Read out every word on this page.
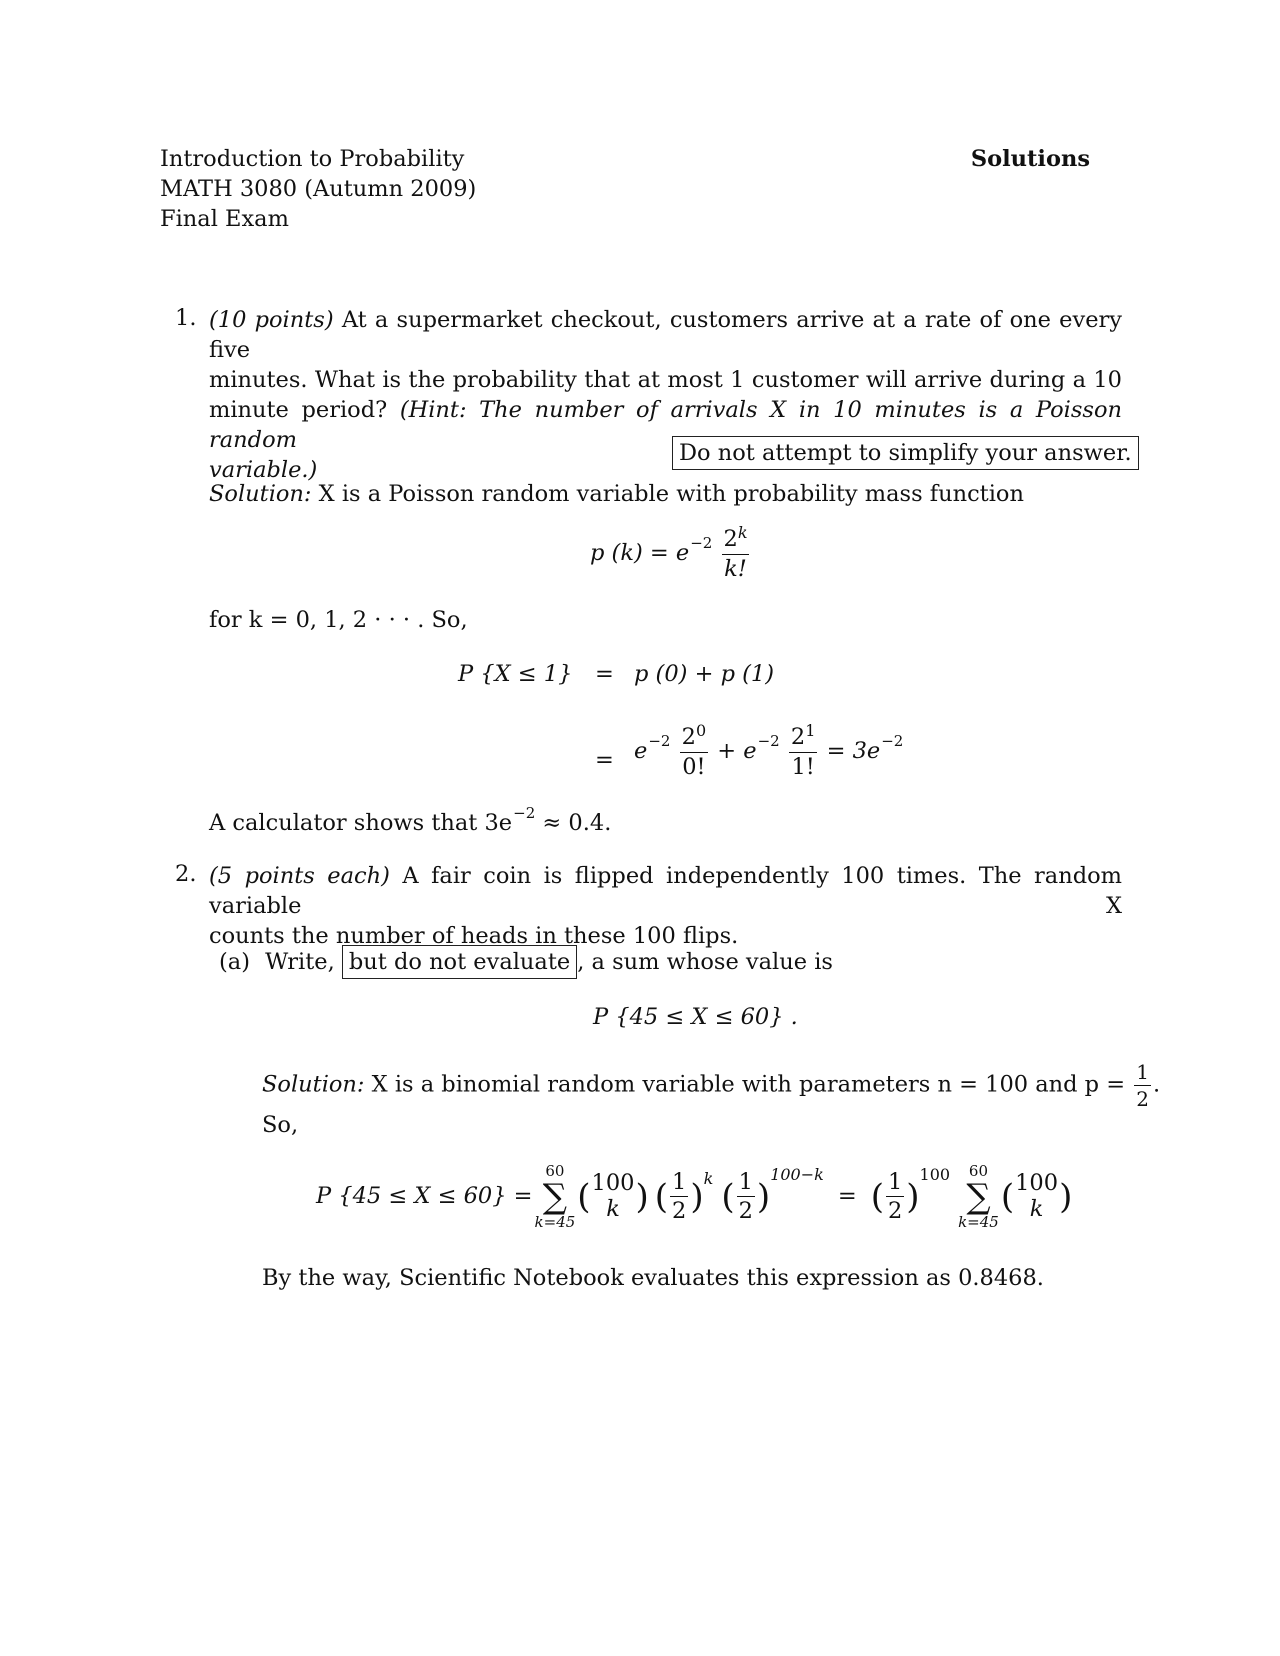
Introduction to Probability
MATH 3080 (Autumn 2009)
Final Exam
Solutions
1. (10 points) At a supermarket checkout, customers arrive at a rate of one every five
minutes. What is the probability that at most 1 customer will arrive during a 10
minute period? (Hint: The number of arrivals X in 10 minutes is a Poisson random
variable.)
Do not attempt to simplify your answer.
Solution: X is a Poisson random variable with probability mass function
p $(k) = e^{-2} \frac{2^k}{k!}$
for k = 0, 1, 2 · · · . So,
P {X ≤ 1} = p (0) + p (1)
= $e^{-2} \frac{2^0}{0!} + e^{-2} \frac{2^1}{1!} = 3e^{-2}$
A calculator shows that $3e^{-2} \approx 0.4$.
2. (5 points each) A fair coin is flipped independently 100 times. The random variable X
counts the number of heads in these 100 flips.
(a) Write, but do not evaluate , a sum whose value is
P {45 ≤ X ≤ 60} .
Solution: X is a binomial random variable with parameters n = 100 and $p = \frac{1}{2}$ .
So,
P {45 ≤ X ≤ 60} =
60
∑
k=45
( 100
k ) ( $\frac{1}{2}$ ) k ( $\frac{1}{2}$ )
100−k
= ( $\frac{1}{2}$ )
100 60
∑
k=45
( 100
k )
By the way, Scientific Notebook evaluates this expression as 0.8468.
